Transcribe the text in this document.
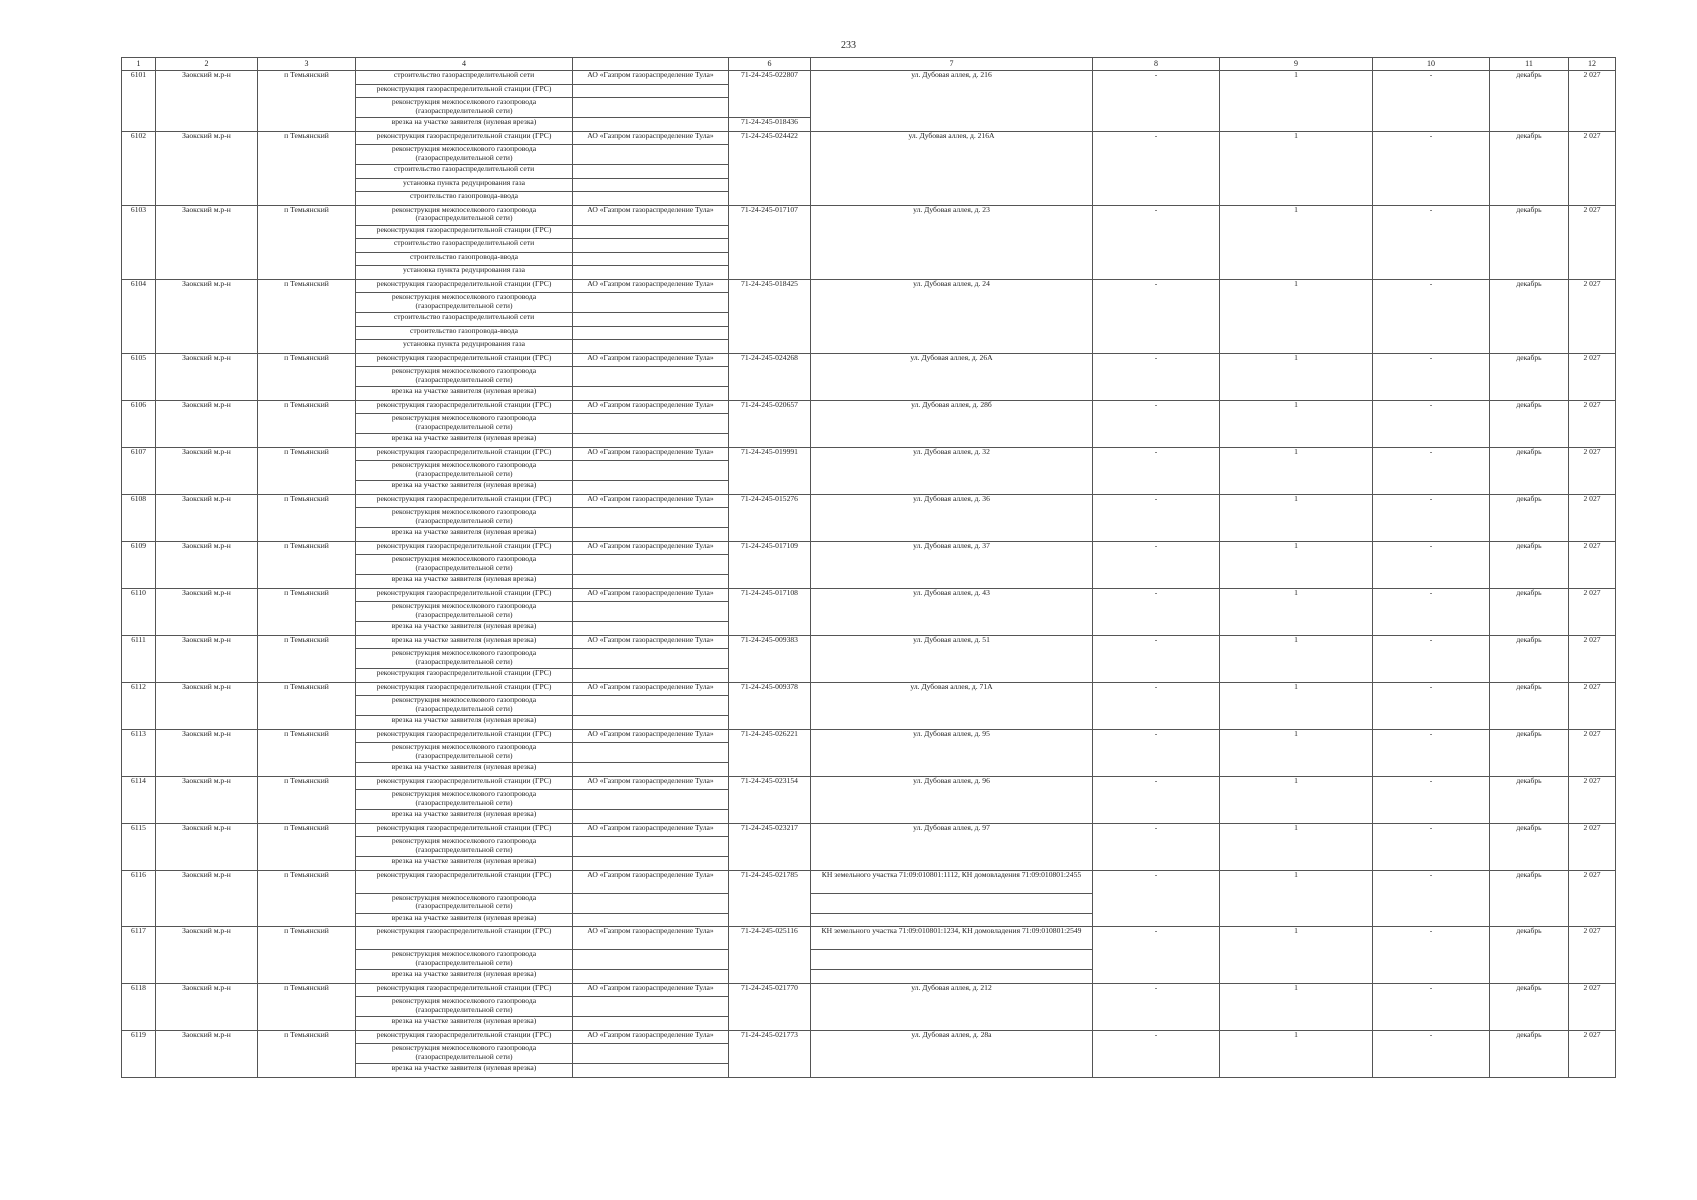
233
1	2	3	4		6	7	8	9	10	11	12
6101	Заокский м.р-н	п Темьянский	строительство газораспределительной сети	АО «Газпром газораспределение Тула»	71-24-245-022807	ул. Дубовая аллея, д. 216	-	1	-	декабрь	2 027
			реконструкция газораспределительной станции (ГРС)								
			реконструкция межпоселкового газопровода (газораспределительной сети)								
			врезка на участке заявителя (нулевая врезка)		71-24-245-018436						
6102	Заокский м.р-н	п Темьянский	реконструкция газораспределительной станции (ГРС)	АО «Газпром газораспределение Тула»	71-24-245-024422	ул. Дубовая аллея, д. 216А	-	1	-	декабрь	2 027
			реконструкция межпоселкового газопровода (газораспределительной сети)								
			строительство газораспределительной сети								
			установка пункта редуцирования газа								
			строительство газопровода-ввода								
6103	Заокский м.р-н	п Темьянский	реконструкция межпоселкового газопровода (газораспределительной сети)	АО «Газпром газораспределение Тула»	71-24-245-017107	ул. Дубовая аллея, д. 23	-	1	-	декабрь	2 027
			реконструкция газораспределительной станции (ГРС)								
			строительство газораспределительной сети								
			строительство газопровода-ввода								
			установка пункта редуцирования газа								
6104	Заокский м.р-н	п Темьянский	реконструкция газораспределительной станции (ГРС)	АО «Газпром газораспределение Тула»	71-24-245-018425	ул. Дубовая аллея, д. 24	-	1	-	декабрь	2 027
			реконструкция межпоселкового газопровода (газораспределительной сети)								
			строительство газораспределительной сети								
			строительство газопровода-ввода								
			установка пункта редуцирования газа								
6105	Заокский м.р-н	п Темьянский	реконструкция газораспределительной станции (ГРС)	АО «Газпром газораспределение Тула»	71-24-245-024268	ул. Дубовая аллея, д. 26А	-	1	-	декабрь	2 027
			реконструкция межпоселкового газопровода (газораспределительной сети)								
			врезка на участке заявителя (нулевая врезка)								
6106	Заокский м.р-н	п Темьянский	реконструкция газораспределительной станции (ГРС)	АО «Газпром газораспределение Тула»	71-24-245-020657	ул. Дубовая аллея, д. 28б	-	1	-	декабрь	2 027
			реконструкция межпоселкового газопровода (газораспределительной сети)								
			врезка на участке заявителя (нулевая врезка)								
6107	Заокский м.р-н	п Темьянский	реконструкция газораспределительной станции (ГРС)	АО «Газпром газораспределение Тула»	71-24-245-019991	ул. Дубовая аллея, д. 32	-	1	-	декабрь	2 027
			реконструкция межпоселкового газопровода (газораспределительной сети)								
			врезка на участке заявителя (нулевая врезка)								
6108	Заокский м.р-н	п Темьянский	реконструкция газораспределительной станции (ГРС)	АО «Газпром газораспределение Тула»	71-24-245-015276	ул. Дубовая аллея, д. 36	-	1	-	декабрь	2 027
			реконструкция межпоселкового газопровода (газораспределительной сети)								
			врезка на участке заявителя (нулевая врезка)								
6109	Заокский м.р-н	п Темьянский	реконструкция газораспределительной станции (ГРС)	АО «Газпром газораспределение Тула»	71-24-245-017109	ул. Дубовая аллея, д. 37	-	1	-	декабрь	2 027
			реконструкция межпоселкового газопровода (газораспределительной сети)								
			врезка на участке заявителя (нулевая врезка)								
6110	Заокский м.р-н	п Темьянский	реконструкция газораспределительной станции (ГРС)	АО «Газпром газораспределение Тула»	71-24-245-017108	ул. Дубовая аллея, д. 43	-	1	-	декабрь	2 027
			реконструкция межпоселкового газопровода (газораспределительной сети)								
			врезка на участке заявителя (нулевая врезка)								
6111	Заокский м.р-н	п Темьянский	врезка на участке заявителя (нулевая врезка)	АО «Газпром газораспределение Тула»	71-24-245-009383	ул. Дубовая аллея, д. 51	-	1	-	декабрь	2 027
			реконструкция межпоселкового газопровода (газораспределительной сети)								
			реконструкция газораспределительной станции (ГРС)								
6112	Заокский м.р-н	п Темьянский	реконструкция газораспределительной станции (ГРС)	АО «Газпром газораспределение Тула»	71-24-245-009378	ул. Дубовая аллея, д. 71А	-	1	-	декабрь	2 027
			реконструкция межпоселкового газопровода (газораспределительной сети)								
			врезка на участке заявителя (нулевая врезка)								
6113	Заокский м.р-н	п Темьянский	реконструкция газораспределительной станции (ГРС)	АО «Газпром газораспределение Тула»	71-24-245-026221	ул. Дубовая аллея, д. 95	-	1	-	декабрь	2 027
			реконструкция межпоселкового газопровода (газораспределительной сети)								
			врезка на участке заявителя (нулевая врезка)								
6114	Заокский м.р-н	п Темьянский	реконструкция газораспределительной станции (ГРС)	АО «Газпром газораспределение Тула»	71-24-245-023154	ул. Дубовая аллея, д. 96	-	1	-	декабрь	2 027
			реконструкция межпоселкового газопровода (газораспределительной сети)								
			врезка на участке заявителя (нулевая врезка)								
6115	Заокский м.р-н	п Темьянский	реконструкция газораспределительной станции (ГРС)	АО «Газпром газораспределение Тула»	71-24-245-023217	ул. Дубовая аллея, д. 97	-	1	-	декабрь	2 027
			реконструкция межпоселкового газопровода (газораспределительной сети)								
			врезка на участке заявителя (нулевая врезка)								
6116	Заокский м.р-н	п Темьянский	реконструкция газораспределительной станции (ГРС)	АО «Газпром газораспределение Тула»	71-24-245-021785	КН земельного участка 71:09:010801:1112, КН домовладения 71:09:010801:2455	-	1	-	декабрь	2 027
			реконструкция межпоселкового газопровода (газораспределительной сети)								
			врезка на участке заявителя (нулевая врезка)								
6117	Заокский м.р-н	п Темьянский	реконструкция газораспределительной станции (ГРС)	АО «Газпром газораспределение Тула»	71-24-245-025116	КН земельного участка 71:09:010801:1234, КН домовладения 71:09:010801:2549	-	1	-	декабрь	2 027
			реконструкция межпоселкового газопровода (газораспределительной сети)								
			врезка на участке заявителя (нулевая врезка)								
6118	Заокский м.р-н	п Темьянский	реконструкция газораспределительной станции (ГРС)	АО «Газпром газораспределение Тула»	71-24-245-021770	ул. Дубовая аллея, д. 212	-	1	-	декабрь	2 027
			реконструкция межпоселкового газопровода (газораспределительной сети)								
			врезка на участке заявителя (нулевая врезка)								
6119	Заокский м.р-н	п Темьянский	реконструкция газораспределительной станции (ГРС)	АО «Газпром газораспределение Тула»	71-24-245-021773	ул. Дубовая аллея, д. 28а	-	1	-	декабрь	2 027
			реконструкция межпоселкового газопровода (газораспределительной сети)								
			врезка на участке заявителя (нулевая врезка)								
